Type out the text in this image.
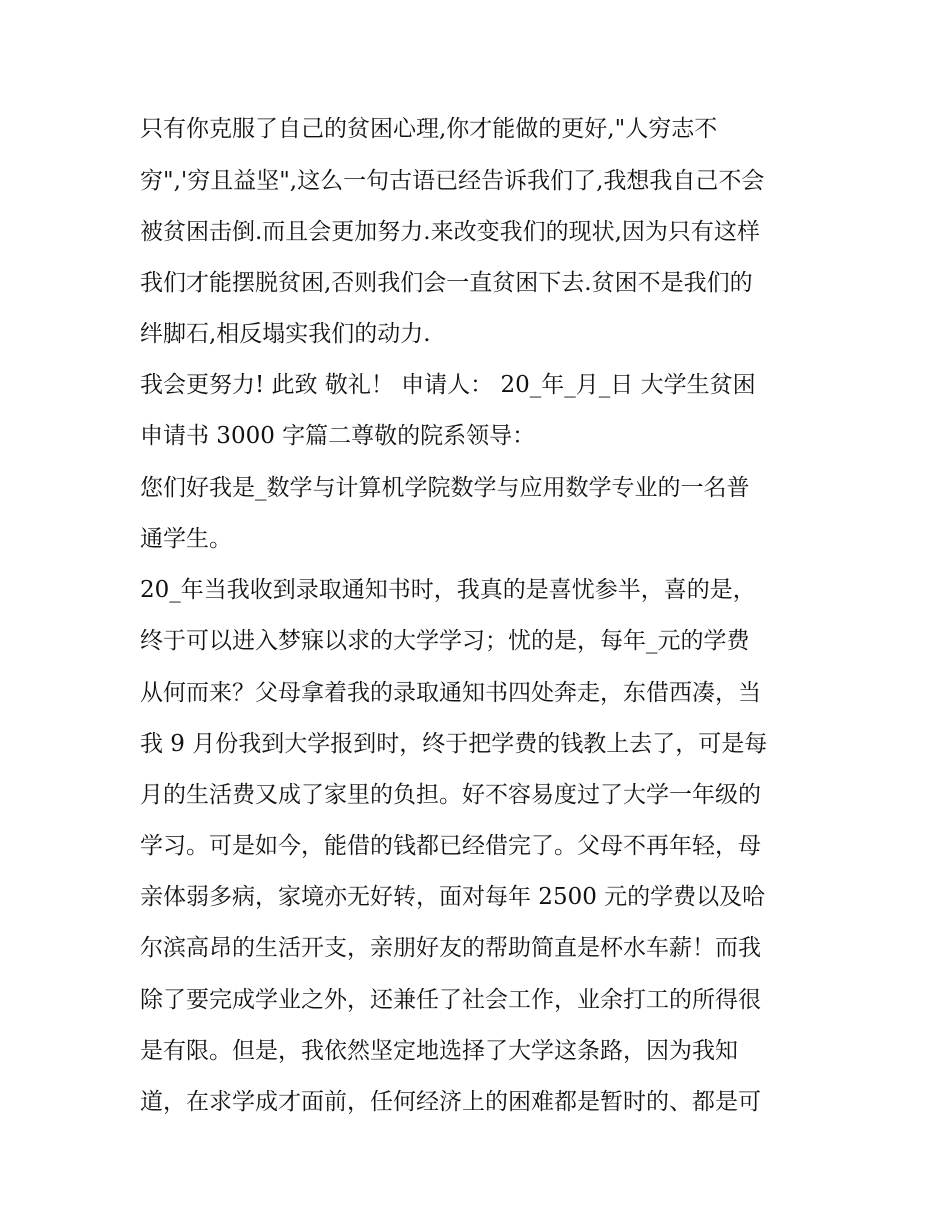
只有你克服了自己的贫困心理,你才能做的更好,"人穷志不
穷",'穷且益坚",这么一句古语已经告诉我们了,我想我自己不会
被贫困击倒.而且会更加努力.来改变我们的现状,因为只有这样
我们才能摆脱贫困,否则我们会一直贫困下去.贫困不是我们的
绊脚石,相反塌实我们的动力.
我会更努力! 此致 敬礼！ 申请人： 20_年_月_日 大学生贫困
申请书 3000 字篇二尊敬的院系领导：
您们好我是_数学与计算机学院数学与应用数学专业的一名普
通学生。
20_年当我收到录取通知书时，我真的是喜忧参半，喜的是，
终于可以进入梦寐以求的大学学习；忧的是，每年_元的学费
从何而来？父母拿着我的录取通知书四处奔走，东借西凑，当
我 9 月份我到大学报到时，终于把学费的钱教上去了，可是每
月的生活费又成了家里的负担。好不容易度过了大学一年级的
学习。可是如今，能借的钱都已经借完了。父母不再年轻，母
亲体弱多病，家境亦无好转，面对每年 2500 元的学费以及哈
尔滨高昂的生活开支，亲朋好友的帮助简直是杯水车薪！而我
除了要完成学业之外，还兼任了社会工作，业余打工的所得很
是有限。但是，我依然坚定地选择了大学这条路，因为我知
道，在求学成才面前，任何经济上的困难都是暂时的、都是可
